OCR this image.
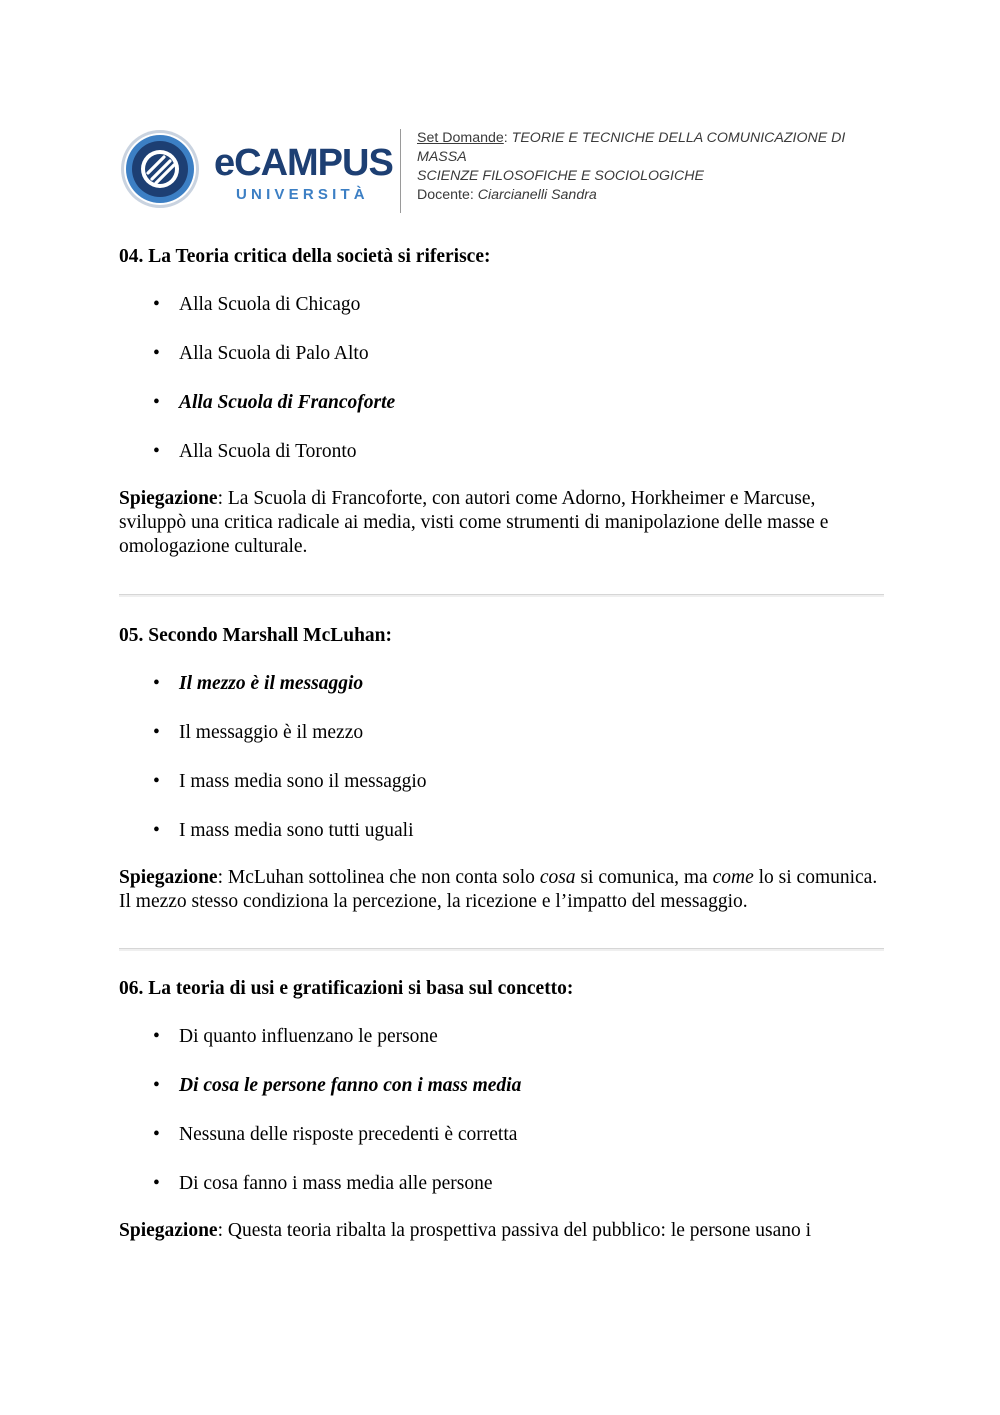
eCAMPUS
UNIVERSITÀ
Set Domande: TEORIE E TECNICHE DELLA COMUNICAZIONE DI MASSA
SCIENZE FILOSOFICHE E SOCIOLOGICHE
Docente: Ciarcianelli Sandra

04. La Teoria critica della società si riferisce:

• Alla Scuola di Chicago
• Alla Scuola di Palo Alto
• Alla Scuola di Francoforte
• Alla Scuola di Toronto

Spiegazione: La Scuola di Francoforte, con autori come Adorno, Horkheimer e Marcuse, sviluppò una critica radicale ai media, visti come strumenti di manipolazione delle masse e omologazione culturale.

05. Secondo Marshall McLuhan:

• Il mezzo è il messaggio
• Il messaggio è il mezzo
• I mass media sono il messaggio
• I mass media sono tutti uguali

Spiegazione: McLuhan sottolinea che non conta solo cosa si comunica, ma come lo si comunica. Il mezzo stesso condiziona la percezione, la ricezione e l’impatto del messaggio.

06. La teoria di usi e gratificazioni si basa sul concetto:

• Di quanto influenzano le persone
• Di cosa le persone fanno con i mass media
• Nessuna delle risposte precedenti è corretta
• Di cosa fanno i mass media alle persone

Spiegazione: Questa teoria ribalta la prospettiva passiva del pubblico: le persone usano i
